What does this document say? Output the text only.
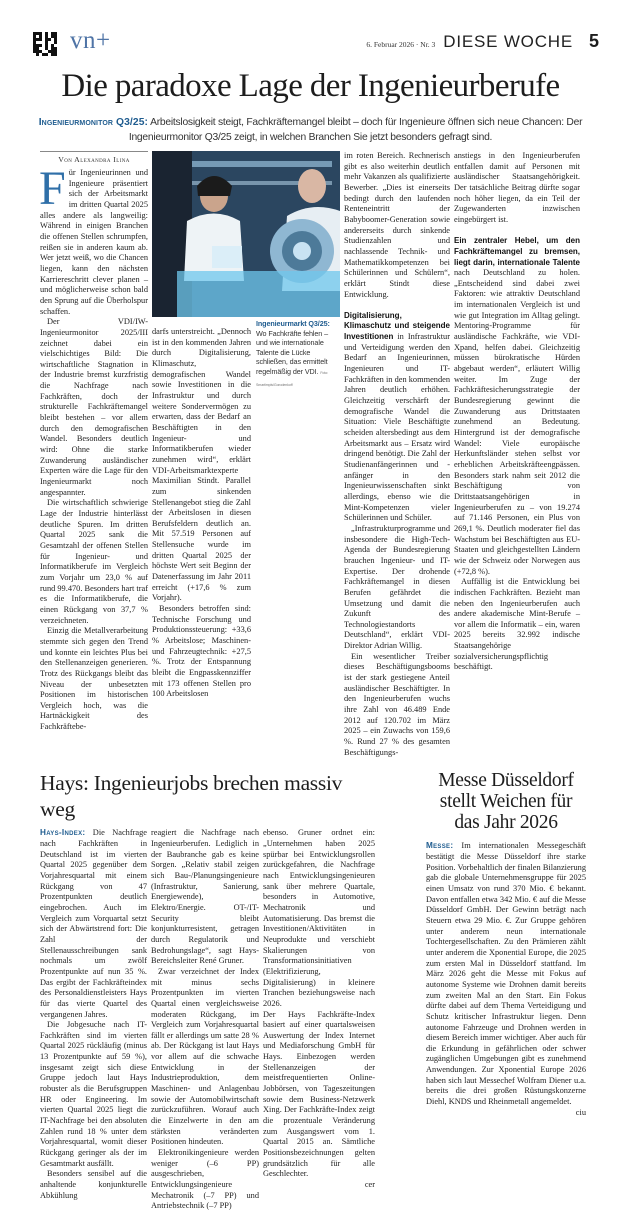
vn+	6. Februar 2026 · Nr. 3 DIESE WOCHE 5
Die paradoxe Lage der Ingenieurberufe
Ingenieurmonitor Q3/25: Arbeitslosigkeit steigt, Fachkräftemangel bleibt – doch für Ingenieure öffnen sich neue Chancen: Der Ingenieurmonitor Q3/25 zeigt, in welchen Branchen Sie jetzt besonders gefragt sind.
Von Alexandra Ilina

Für Ingenieurinnen und Ingenieure präsentiert sich der Arbeitsmarkt im dritten Quartal 2025 alles andere als langweilig: Während in einigen Branchen die offenen Stellen schrumpfen, reißen sie in anderen kaum ab. Wer jetzt weiß, wo die Chancen liegen, kann den nächsten Karriereschritt clever planen – und möglicherweise schon bald den Sprung auf die Überholspur schaffen.

Der VDI/IW-Ingenieurmonitor 2025/III zeichnet dabei ein vielschichtiges Bild: Die wirtschaftliche Stagnation in der Industrie bremst kurzfristig die Nachfrage nach Fachkräften, doch der strukturelle Fachkräftemangel bleibt bestehen – vor allem durch den demografischen Wandel. Besonders deutlich wird: Ohne die starke Zuwanderung ausländischer Experten wäre die Lage für den Ingenieurmarkt noch angespannter.

Die wirtschaftlich schwierige Lage der Industrie hinterlässt deutliche Spuren. Im dritten Quartal 2025 sank die Gesamtzahl der offenen Stellen für Ingenieur- und Informatikberufe im Vergleich zum Vorjahr um 23,0 % auf rund 99.470. Besonders hart traf es die Informatikberufe, die einen Rückgang von 37,7 % verzeichneten.

Einzig die Metallverarbeitung stemmte sich gegen den Trend und konnte ein leichtes Plus bei den Stellenanzeigen generieren. Trotz des Rückgangs bleibt das Niveau der unbesetzten Positionen im historischen Vergleich hoch, was die Hartnäckigkeit des Fachkräftebe-

darfs unterstreicht. „Dennoch ist in den kommenden Jahren durch Digitalisierung, Klimaschutz, demografischen Wandel sowie Investitionen in die Infrastruktur und durch weitere Sondervermögen zu erwarten, dass der Bedarf an Beschäftigten in den Ingenieur- und Informatikberufen wieder zunehmen wird“, erklärt VDI-Arbeitsmarktexperte Maximilian Stindt. Parallel zum sinkenden Stellenangebot stieg die Zahl der Arbeitslosen in diesen Berufsfeldern deutlich an. Mit 57.519 Personen auf Stellensuche wurde im dritten Quartal 2025 der höchste Wert seit Beginn der Datenerfassung im Jahr 2011 erreicht (+17,6 % zum Vorjahr).

Besonders betroffen sind: Technische Forschung und Produktionssteuerung: +33,6 % Arbeitslose; Maschinen- und Fahrzeugtechnik: +27,5 %. Trotz der Entspannung bleibt die Engpasskennziffer mit 173 offenen Stellen pro 100 Arbeitslosen

Ingenieurmarkt Q3/25: Wo Fachkräfte fehlen – und wie internationale Talente die Lücke schließen, das ermittelt regelmäßig der VDI. Foto: Smartimpls/Gorodenkoff

im roten Bereich. Rechnerisch gibt es also weiterhin deutlich mehr Vakanzen als qualifizierte Bewerber. „Dies ist einerseits bedingt durch den laufenden Renteneintritt der Babyboomer-Generation sowie andererseits durch sinkende Studienzahlen und nachlassende Technik- und Mathematikkompetenzen bei Schülerinnen und Schülern“, erklärt Stindt diese Entwicklung.

Digitalisierung, Klimaschutz und steigende Investitionen in Infrastruktur und Verteidigung werden den Bedarf an Ingenieurinnen, Ingenieuren und IT-Fachkräften in den kommenden Jahren deutlich erhöhen. Gleichzeitig verschärft der demografische Wandel die Situation: Viele Beschäftigte scheiden altersbedingt aus dem Arbeitsmarkt aus – Ersatz wird dringend benötigt. Die Zahl der Studienanfängerinnen und -anfänger in den Ingenieurwissenschaften sinkt allerdings, ebenso wie die Mint-Kompetenzen vieler Schülerinnen und Schüler.

„Infrastrukturprogramme und insbesondere die High-Tech-Agenda der Bundesregierung brauchen Ingenieur- und IT-Expertise. Der drohende Fachkräftemangel in diesen Berufen gefährdet die Umsetzung und damit die Zukunft des Technologiestandorts Deutschland“, erklärt VDI-Direktor Adrian Willig.

Ein wesentlicher Treiber dieses Beschäftigungsbooms ist der stark gestiegene Anteil ausländischer Beschäftigter. In den Ingenieurberufen wuchs ihre Zahl von 46.489 Ende 2012 auf 120.702 im März 2025 – ein Zuwachs von 159,6 %. Rund 27 % des gesamten Beschäftigungs-

anstiegs in den Ingenieurberufen entfallen damit auf Personen mit ausländischer Staatsangehörigkeit. Der tatsächliche Beitrag dürfte sogar noch höher liegen, da ein Teil der Zugewanderten inzwischen eingebürgert ist.

Ein zentraler Hebel, um den Fachkräftemangel zu bremsen, liegt darin, internationale Talente nach Deutschland zu holen. „Entscheidend sind dabei zwei Faktoren: wie attraktiv Deutschland im internationalen Vergleich ist und wie gut Integration im Alltag gelingt. Mentoring-Programme für ausländische Fachkräfte, wie VDI-Xpand, helfen dabei. Gleichzeitig müssen bürokratische Hürden abgebaut werden“, erläutert Willig weiter. Im Zuge der Fachkräftesicherungsstrategie der Bundesregierung gewinnt die Zuwanderung aus Drittstaaten zunehmend an Bedeutung. Hintergrund ist der demografische Wandel: Viele europäische Herkunftsländer stehen selbst vor erheblichen Arbeitskräfteengpässen. Besonders stark nahm seit 2012 die Beschäftigung von Drittstaatsangehörigen in Ingenieurberufen zu – von 19.274 auf 71.146 Personen, ein Plus von 269,1 %. Deutlich moderater fiel das Wachstum bei Beschäftigten aus EU-Staaten und gleichgestellten Ländern wie der Schweiz oder Norwegen aus (+72,8 %).

Auffällig ist die Entwicklung bei indischen Fachkräften. Bezieht man neben den Ingenieurberufen auch andere akademische Mint-Berufe – vor allem die Informatik – ein, waren 2025 bereits 32.992 indische Staatsangehörige sozialversicherungspflichtig beschäftigt.

Hays: Ingenieurjobs brechen massiv weg

Hays-Index: Die Nachfrage nach Fachkräften in Deutschland ist im vierten Quartal 2025 gegenüber dem Vorjahresquartal mit einem Rückgang von 47 Prozentpunkten deutlich eingebrochen. Auch im Vergleich zum Vorquartal setzt sich der Abwärtstrend fort: Die Zahl der Stellenausschreibungen sank nochmals um zwölf Prozentpunkte auf nun 35 %. Das ergibt der Fachkräfteindex des Personaldienstleisters Hays für das vierte Quartel des vergangenen Jahres.

Die Jobgesuche nach IT-Fachkräften sind im vierten Quartal 2025 rückläufig (minus 13 Prozentpunkte auf 59 %), insgesamt zeigt sich diese Gruppe jedoch laut Hays robuster als die Berufsgruppen HR oder Engineering. Im vierten Quartal 2025 liegt die IT-Nachfrage bei den absoluten Zahlen rund 18 % unter dem Vorjahresquartal, womit dieser Rückgang geringer als der im Gesamtmarkt ausfällt.

Besonders sensibel auf die anhaltende konjunkturelle Abkühlung

reagiert die Nachfrage nach Ingenieurberufen. Lediglich in der Baubranche gab es keine Sorgen. „Relativ stabil zeigen sich Bau-/Planungsingenieure (Infrastruktur, Sanierung, Energiewende), Elektro/Energie. OT-/IT-Security bleibt konjunkturresistent, getragen durch Regulatorik und Bedrohungslage“, sagt Hays-Bereichsleiter René Gruner.

Zwar verzeichnet der Index mit minus sechs Prozentpunkten im vierten Quartal einen vergleichsweise moderaten Rückgang, im Vergleich zum Vorjahresquartal fällt er allerdings um satte 28 % ab. Der Rückgang ist laut Hays vor allem auf die schwache Entwicklung in der Industrieproduktion, dem Maschinen- und Anlagenbau sowie der Automobilwirtschaft zurückzuführen. Worauf auch die Einzelwerte in den am stärksten veränderten Positionen hindeuten.

Elektronikingenieure werden weniger (–6 PP) ausgeschrieben, Entwicklungsingenieure Mechatronik (–7 PP) und Antriebstechnik (–7 PP)

ebenso. Gruner ordnet ein: „Unternehmen haben 2025 spürbar bei Entwicklungsrollen zurückgefahren, die Nachfrage nach Entwicklungsingenieuren sank über mehrere Quartale, besonders in Automotive, Mechatronik und Automatisierung. Das bremst die Investitionen/Aktivitäten in Neuprodukte und verschiebt Skalierungen von Transformationsinitiativen (Elektrifizierung, Digitalisierung) in kleinere Tranchen beziehungsweise nach 2026.

Der Hays Fachkräfte-Index basiert auf einer quartalsweisen Auswertung der Index Internet und Mediaforschung GmbH für Hays. Einbezogen werden Stellenanzeigen der meistfrequentierten Online-Jobbörsen, von Tageszeitungen sowie dem Business-Netzwerk Xing. Der Fachkräfte-Index zeigt die prozentuale Veränderung zum Ausgangswert vom 1. Quartal 2015 an. Sämtliche Positionsbezeichnungen gelten grundsätzlich für alle Geschlechter.

cer

Messe Düsseldorf stellt Weichen für das Jahr 2026

Messe: Im internationalen Messegeschäft bestätigt die Messe Düsseldorf ihre starke Position. Vorbehaltlich der finalen Bilanzierung gab die globale Unternehmensgruppe für 2025 einen Umsatz von rund 370 Mio. € bekannt. Davon entfallen etwa 342 Mio. € auf die Messe Düsseldorf GmbH. Der Gewinn beträgt nach Steuern etwa 29 Mio. €. Zur Gruppe gehören unter anderem neun internationale Tochtergesellschaften. Zu den Prämieren zählt unter anderem die Xponential Europe, die 2025 zum ersten Mal in Düsseldorf stattfand. Im März 2026 geht die Messe mit Fokus auf autonome Systeme wie Drohnen damit bereits zum zweiten Mal an den Start. Ein Fokus dürfte dabei auf dem Thema Verteidigung und Schutz kritischer Infrastruktur liegen. Denn autonome Fahrzeuge und Drohnen werden in diesem Bereich immer wichtiger. Aber auch für die Erkundung in gefährlichen oder schwer zugänglichen Umgebungen gibt es zunehmend Anwendungen. Zur Xponential Europe 2026 haben sich laut Messechef Wolfram Diener u.a. bereits die drei großen Rüstungskonzerne Diehl, KNDS und Rheinmetall angemeldet.

ciu
